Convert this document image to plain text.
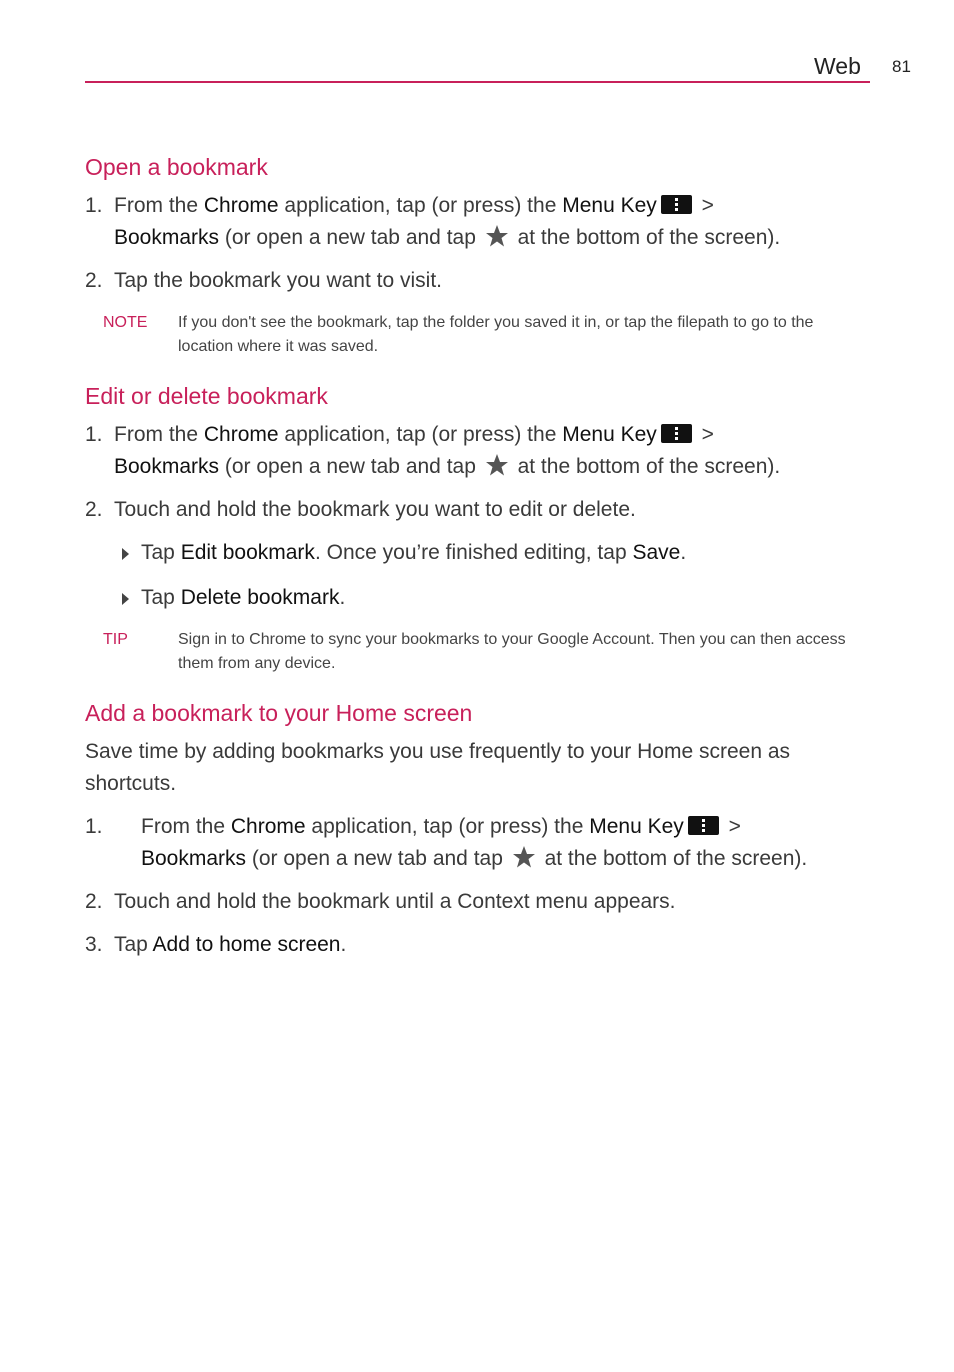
Web 81
Open a bookmark
1. From the Chrome application, tap (or press) the Menu Key
>
Bookmarks (or open a new tab and tap at the bottom of the screen).
2. Tap the bookmark you want to visit.
NOTE If you don't see the bookmark, tap the folder you saved it in, or tap the filepath to go to the location where it was saved.
Edit or delete bookmark
1. From the Chrome application, tap (or press) the Menu Key
>
Bookmarks (or open a new tab and tap at the bottom of the screen).
2. Touch and hold the bookmark you want to edit or delete.
Tap Edit bookmark. Once you’re finished editing, tap Save.
Tap Delete bookmark.
TIP	Sign in to Chrome to sync your bookmarks to your Google Account. Then you can then access them from any device.
Add a bookmark to your Home screen
Save time by adding bookmarks you use frequently to your Home screen as shortcuts.
1. From the Chrome application, tap (or press) the Menu Key
>
Bookmarks (or open a new tab and tap at the bottom of the screen).
2. Touch and hold the bookmark until a Context menu appears.
3. Tap Add to home screen.
